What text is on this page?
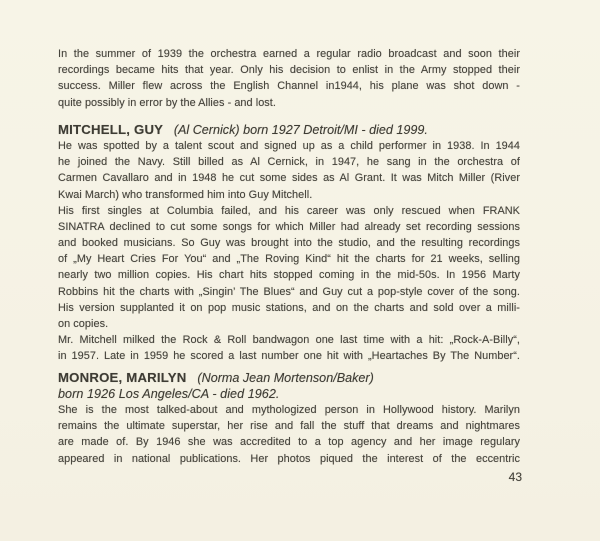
In the summer of 1939 the orchestra earned a regular radio broadcast and soon their
recordings became hits that year. Only his decision to enlist in the Army stopped their
success. Miller flew across the English Channel in1944, his plane was shot down -
quite possibly in error by the Allies - and lost.
MITCHELL, GUY (Al Cernick) born 1927 Detroit/MI - died 1999.
He was spotted by a talent scout and signed up as a child performer in 1938. In 1944
he joined the Navy. Still billed as Al Cernick, in 1947, he sang in the orchestra of
Carmen Cavallaro and in 1948 he cut some sides as Al Grant. It was Mitch Miller (River
Kwai March) who transformed him into Guy Mitchell.
His first singles at Columbia failed, and his career was only rescued when FRANK
SINATRA declined to cut some songs for which Miller had already set recording sessions
and booked musicians. So Guy was brought into the studio, and the resulting recordings
of „My Heart Cries For You“ and „The Roving Kind“ hit the charts for 21 weeks, selling
nearly two million copies. His chart hits stopped coming in the mid-50s. In 1956 Marty
Robbins hit the charts with „Singin’ The Blues“ and Guy cut a pop-style cover of the song.
His version supplanted it on pop music stations, and on the charts and sold over a milli-
on copies.
Mr. Mitchell milked the Rock & Roll bandwagon one last time with a hit: „Rock-A-Billy“,
in 1957. Late in 1959 he scored a last number one hit with „Heartaches By The Number“.
MONROE, MARILYN (Norma Jean Mortenson/Baker)
born 1926 Los Angeles/CA - died 1962.
She is the most talked-about and mythologized person in Hollywood history. Marilyn
remains the ultimate superstar, her rise and fall the stuff that dreams and nightmares
are made of. By 1946 she was accredited to a top agency and her image regulary
appeared in national publications. Her photos piqued the interest of the eccentric
43
